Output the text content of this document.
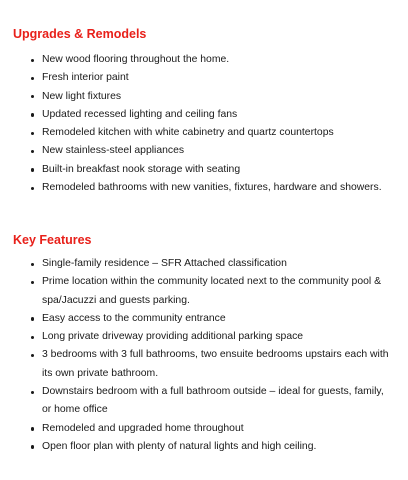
Upgrades & Remodels
New wood flooring throughout the home.
Fresh interior paint
New light fixtures
Updated recessed lighting and ceiling fans
Remodeled kitchen with white cabinetry and quartz countertops
New stainless-steel appliances
Built-in breakfast nook storage with seating
Remodeled bathrooms with new vanities, fixtures, hardware and showers.
Key Features
Single-family residence – SFR Attached classification
Prime location within the community located next to the community pool & spa/Jacuzzi and guests parking.
Easy access to the community entrance
Long private driveway providing additional parking space
3 bedrooms with 3 full bathrooms, two ensuite bedrooms upstairs each with its own private bathroom.
Downstairs bedroom with a full bathroom outside – ideal for guests, family, or home office
Remodeled and upgraded home throughout
Open floor plan with plenty of natural lights and high ceiling.
